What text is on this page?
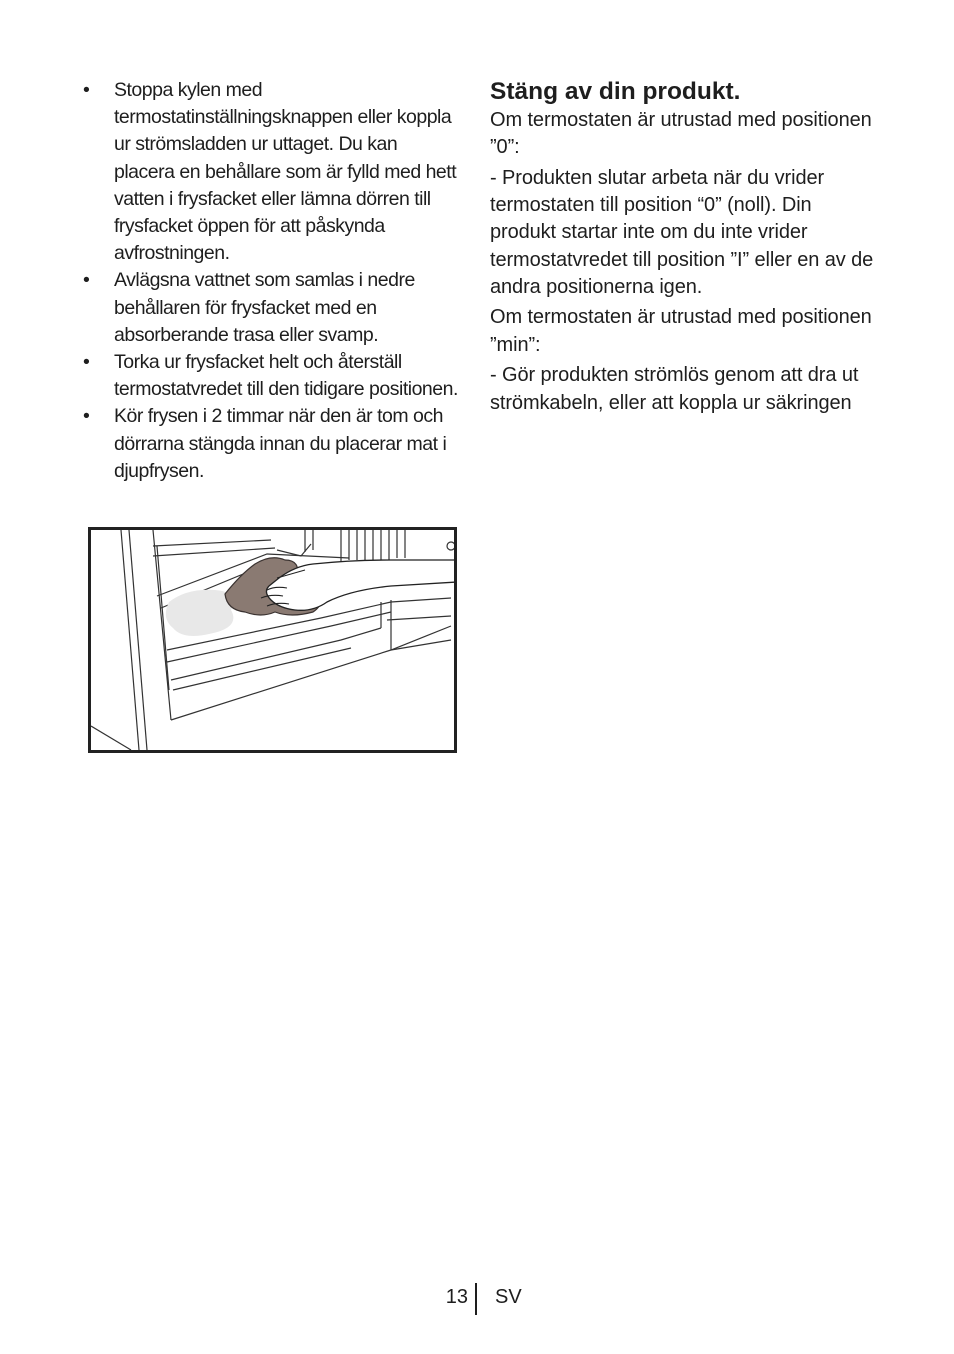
• Stoppa kylen med termostatinställningsknappen eller koppla ur strömsladden ur uttaget. Du kan placera en behållare som är fylld med hett vatten i frysfacket eller lämna dörren till frysfacket öppen för att påskynda avfrostningen.
• Avlägsna vattnet som samlas i nedre behållaren för frysfacket med en absorberande trasa eller svamp.
• Torka ur frysfacket helt och återställ termostatvredet till den tidigare positionen.
• Kör frysen i 2 timmar när den är tom och dörrarna stängda innan du placerar mat i djupfrysen.
Stäng av din produkt.

Om termostaten är utrustad med positionen ”0”:

- Produkten slutar arbeta när du vrider termostaten till position “0” (noll). Din produkt startar inte om du inte vrider termostatvredet till position ”I” eller en av de andra positionerna igen.

Om termostaten är utrustad med positionen ”min”:

- Gör produkten strömlös genom att dra ut strömkabeln, eller att koppla ur säkringen

13 SV
